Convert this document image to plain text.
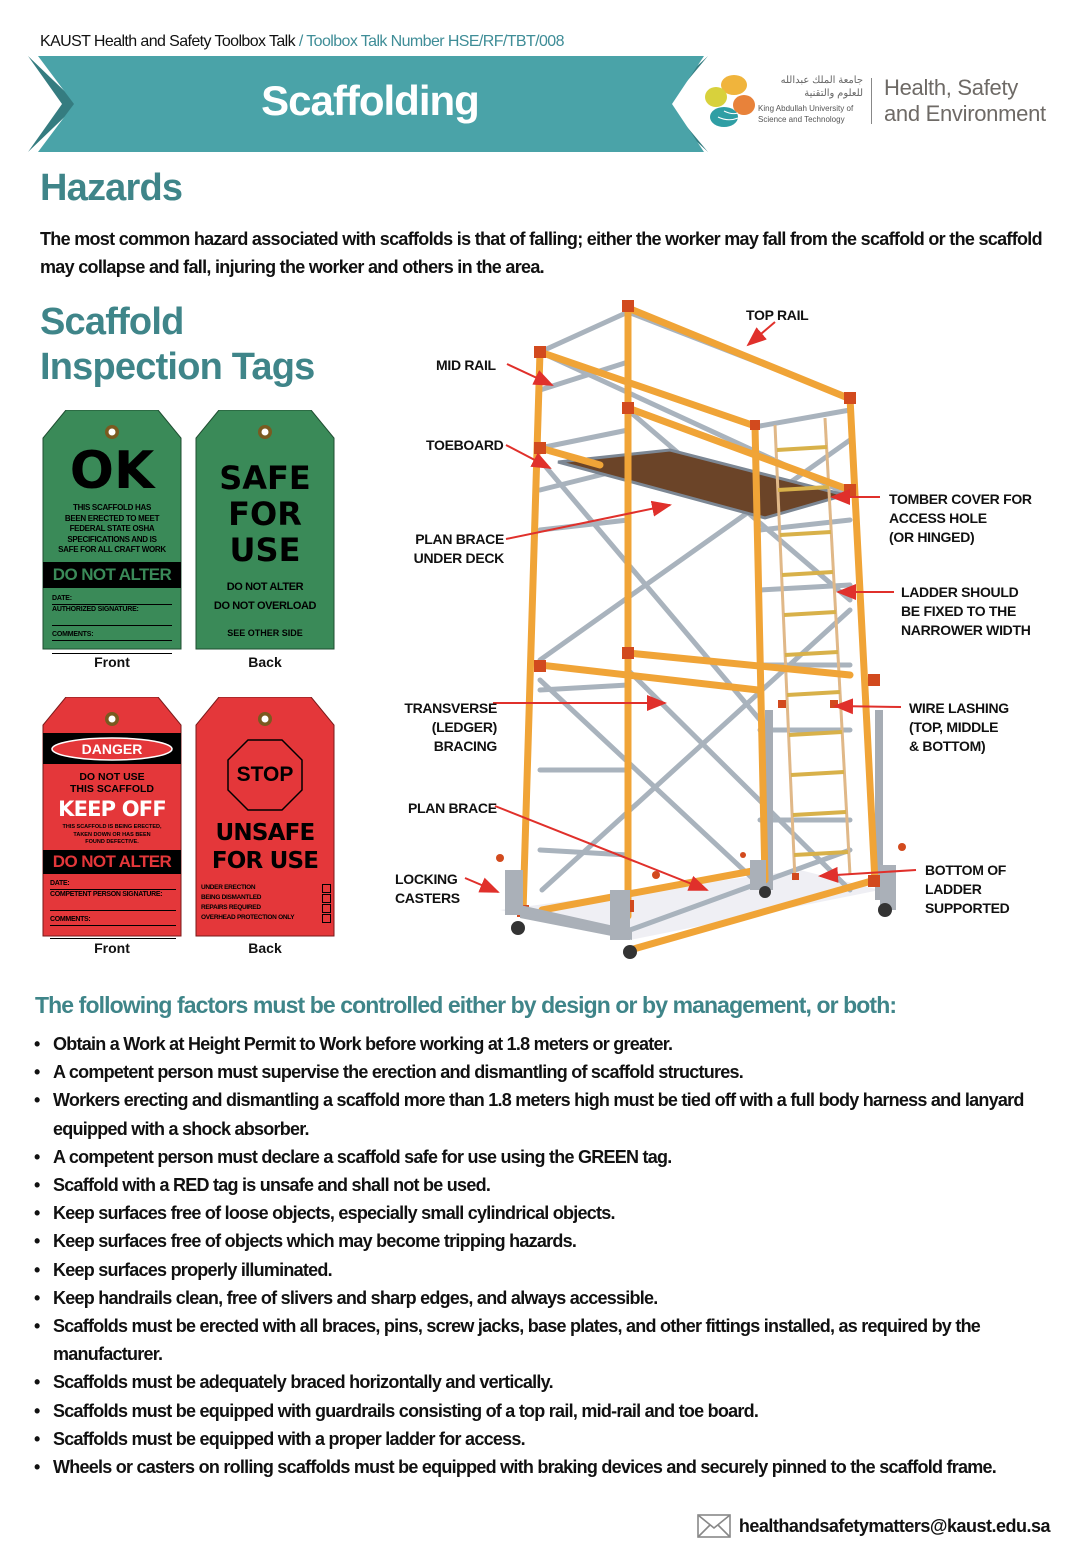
KAUST Health and Safety Toolbox Talk / Toolbox Talk Number HSE/RF/TBT/008
Scaffolding	جامعة الملك عبدالله
للعلوم والتقنية
King Abdullah University of
Science and Technology
Health, Safety
and Environment
Hazards
The most common hazard associated with scaffolds is that of falling; either the worker may fall from the scaffold or the scaffold may collapse and fall, injuring the worker and others in the area.
Scaffold
Inspection Tags
OK
THIS SCAFFOLD HAS
BEEN ERECTED TO MEET
FEDERAL STATE OSHA
SPECIFICATIONS AND IS
SAFE FOR ALL CRAFT WORK
DO NOT ALTER
DATE:
AUTHORIZED SIGNATURE:
COMMENTS:
Front
SAFE
FOR
USE
DO NOT ALTER
DO NOT OVERLOAD
SEE OTHER SIDE
Back
DANGER
DO NOT USE
THIS SCAFFOLD
KEEP OFF
THIS SCAFFOLD IS BEING ERECTED,
TAKEN DOWN OR HAS BEEN
FOUND DEFECTIVE.
DO NOT ALTER
DATE:
COMPETENT PERSON SIGNATURE:
COMMENTS:
Front
STOP
UNSAFE
FOR USE
UNDER ERECTION
BEING DISMANTLED
REPAIRS REQUIRED
OVERHEAD PROTECTION ONLY
Back
TOP RAIL
MID RAIL
TOEBOARD
PLAN BRACE
UNDER DECK
TOMBER COVER FOR
ACCESS HOLE
(OR HINGED)
LADDER SHOULD
BE FIXED TO THE
NARROWER WIDTH
TRANSVERSE
(LEDGER)
BRACING
WIRE LASHING
(TOP, MIDDLE
& BOTTOM)
PLAN BRACE
LOCKING
CASTERS
BOTTOM OF
LADDER
SUPPORTED
The following factors must be controlled either by design or by management, or both:
• Obtain a Work at Height Permit to Work before working at 1.8 meters or greater.
• A competent person must supervise the erection and dismantling of scaffold structures.
• Workers erecting and dismantling a scaffold more than 1.8 meters high must be tied off with a full body harness and lanyard equipped with a shock absorber.
• A competent person must declare a scaffold safe for use using the GREEN tag.
• Scaffold with a RED tag is unsafe and shall not be used.
• Keep surfaces free of loose objects, especially small cylindrical objects.
• Keep surfaces free of objects which may become tripping hazards.
• Keep surfaces properly illuminated.
• Keep handrails clean, free of slivers and sharp edges, and always accessible.
• Scaffolds must be erected with all braces, pins, screw jacks, base plates, and other fittings installed, as required by the manufacturer.
• Scaffolds must be adequately braced horizontally and vertically.
• Scaffolds must be equipped with guardrails consisting of a top rail, mid-rail and toe board.
• Scaffolds must be equipped with a proper ladder for access.
• Wheels or casters on rolling scaffolds must be equipped with braking devices and securely pinned to the scaffold frame.
healthandsafetymatters@kaust.edu.sa
